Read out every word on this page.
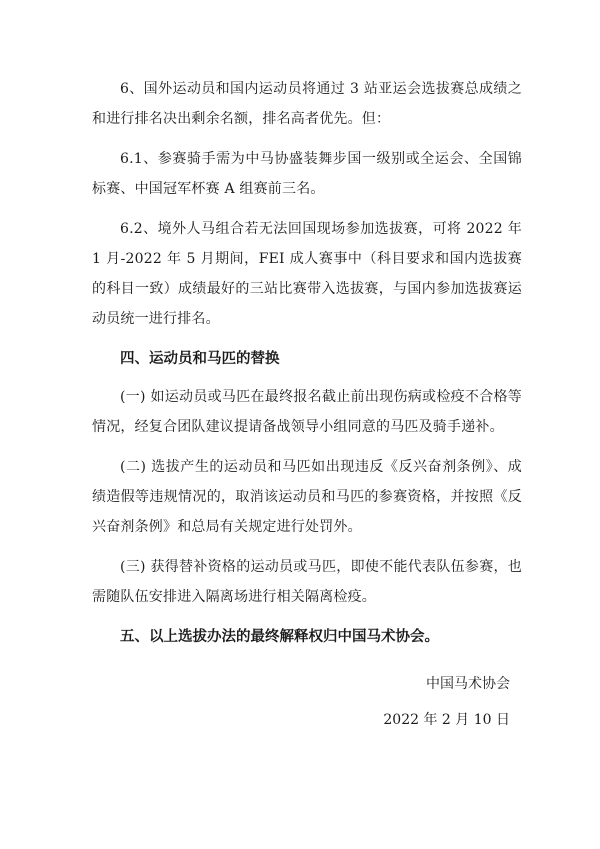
6、国外运动员和国内运动员将通过 3 站亚运会选拔赛总成绩之和进行排名决出剩余名额，排名高者优先。但：

6.1、参赛骑手需为中马协盛装舞步国一级别或全运会、全国锦标赛、中国冠军杯赛 A 组赛前三名。

6.2、境外人马组合若无法回国现场参加选拔赛，可将 2022 年 1 月-2022 年 5 月期间，FEI 成人赛事中（科目要求和国内选拔赛的科目一致）成绩最好的三站比赛带入选拔赛，与国内参加选拔赛运动员统一进行排名。

四、运动员和马匹的替换

(一) 如运动员或马匹在最终报名截止前出现伤病或检疫不合格等情况，经复合团队建议提请备战领导小组同意的马匹及骑手递补。

(二) 选拔产生的运动员和马匹如出现违反《反兴奋剂条例》、成绩造假等违规情况的，取消该运动员和马匹的参赛资格，并按照《反兴奋剂条例》和总局有关规定进行处罚外。

(三) 获得替补资格的运动员或马匹，即使不能代表队伍参赛，也需随队伍安排进入隔离场进行相关隔离检疫。

五、以上选拔办法的最终解释权归中国马术协会。

中国马术协会

2022 年 2 月 10 日
